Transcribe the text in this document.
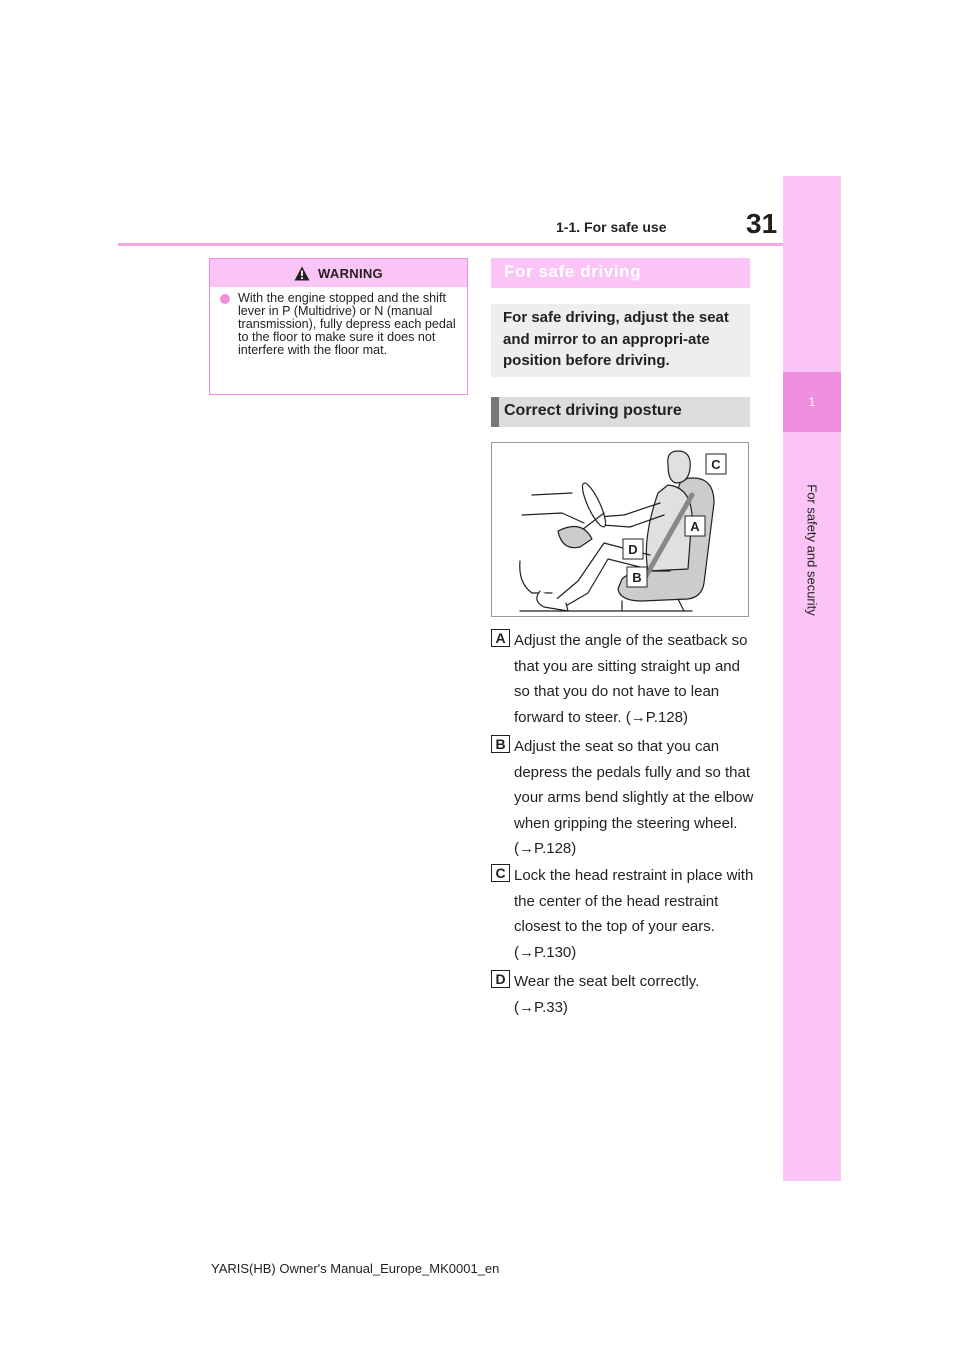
31
1-1. For safe use
1
For safety and security
WARNING
With the engine stopped and the shift lever in P (Multidrive) or N (manual transmission), fully depress each pedal to the floor to make sure it does not interfere with the floor mat.
For safe driving

For safe driving, adjust the seat and mirror to an appropri-ate position before driving.

Correct driving posture
C
A
D
B
A Adjust the angle of the seatback so that you are sitting straight up and so that you do not have to lean forward to steer. (→P.128)
B Adjust the seat so that you can depress the pedals fully and so that your arms bend slightly at the elbow when gripping the steering wheel. (→P.128)
C Lock the head restraint in place with the center of the head restraint closest to the top of your ears. (→P.130)
D Wear the seat belt correctly. (→P.33)
YARIS(HB) Owner's Manual_Europe_MK0001_en
